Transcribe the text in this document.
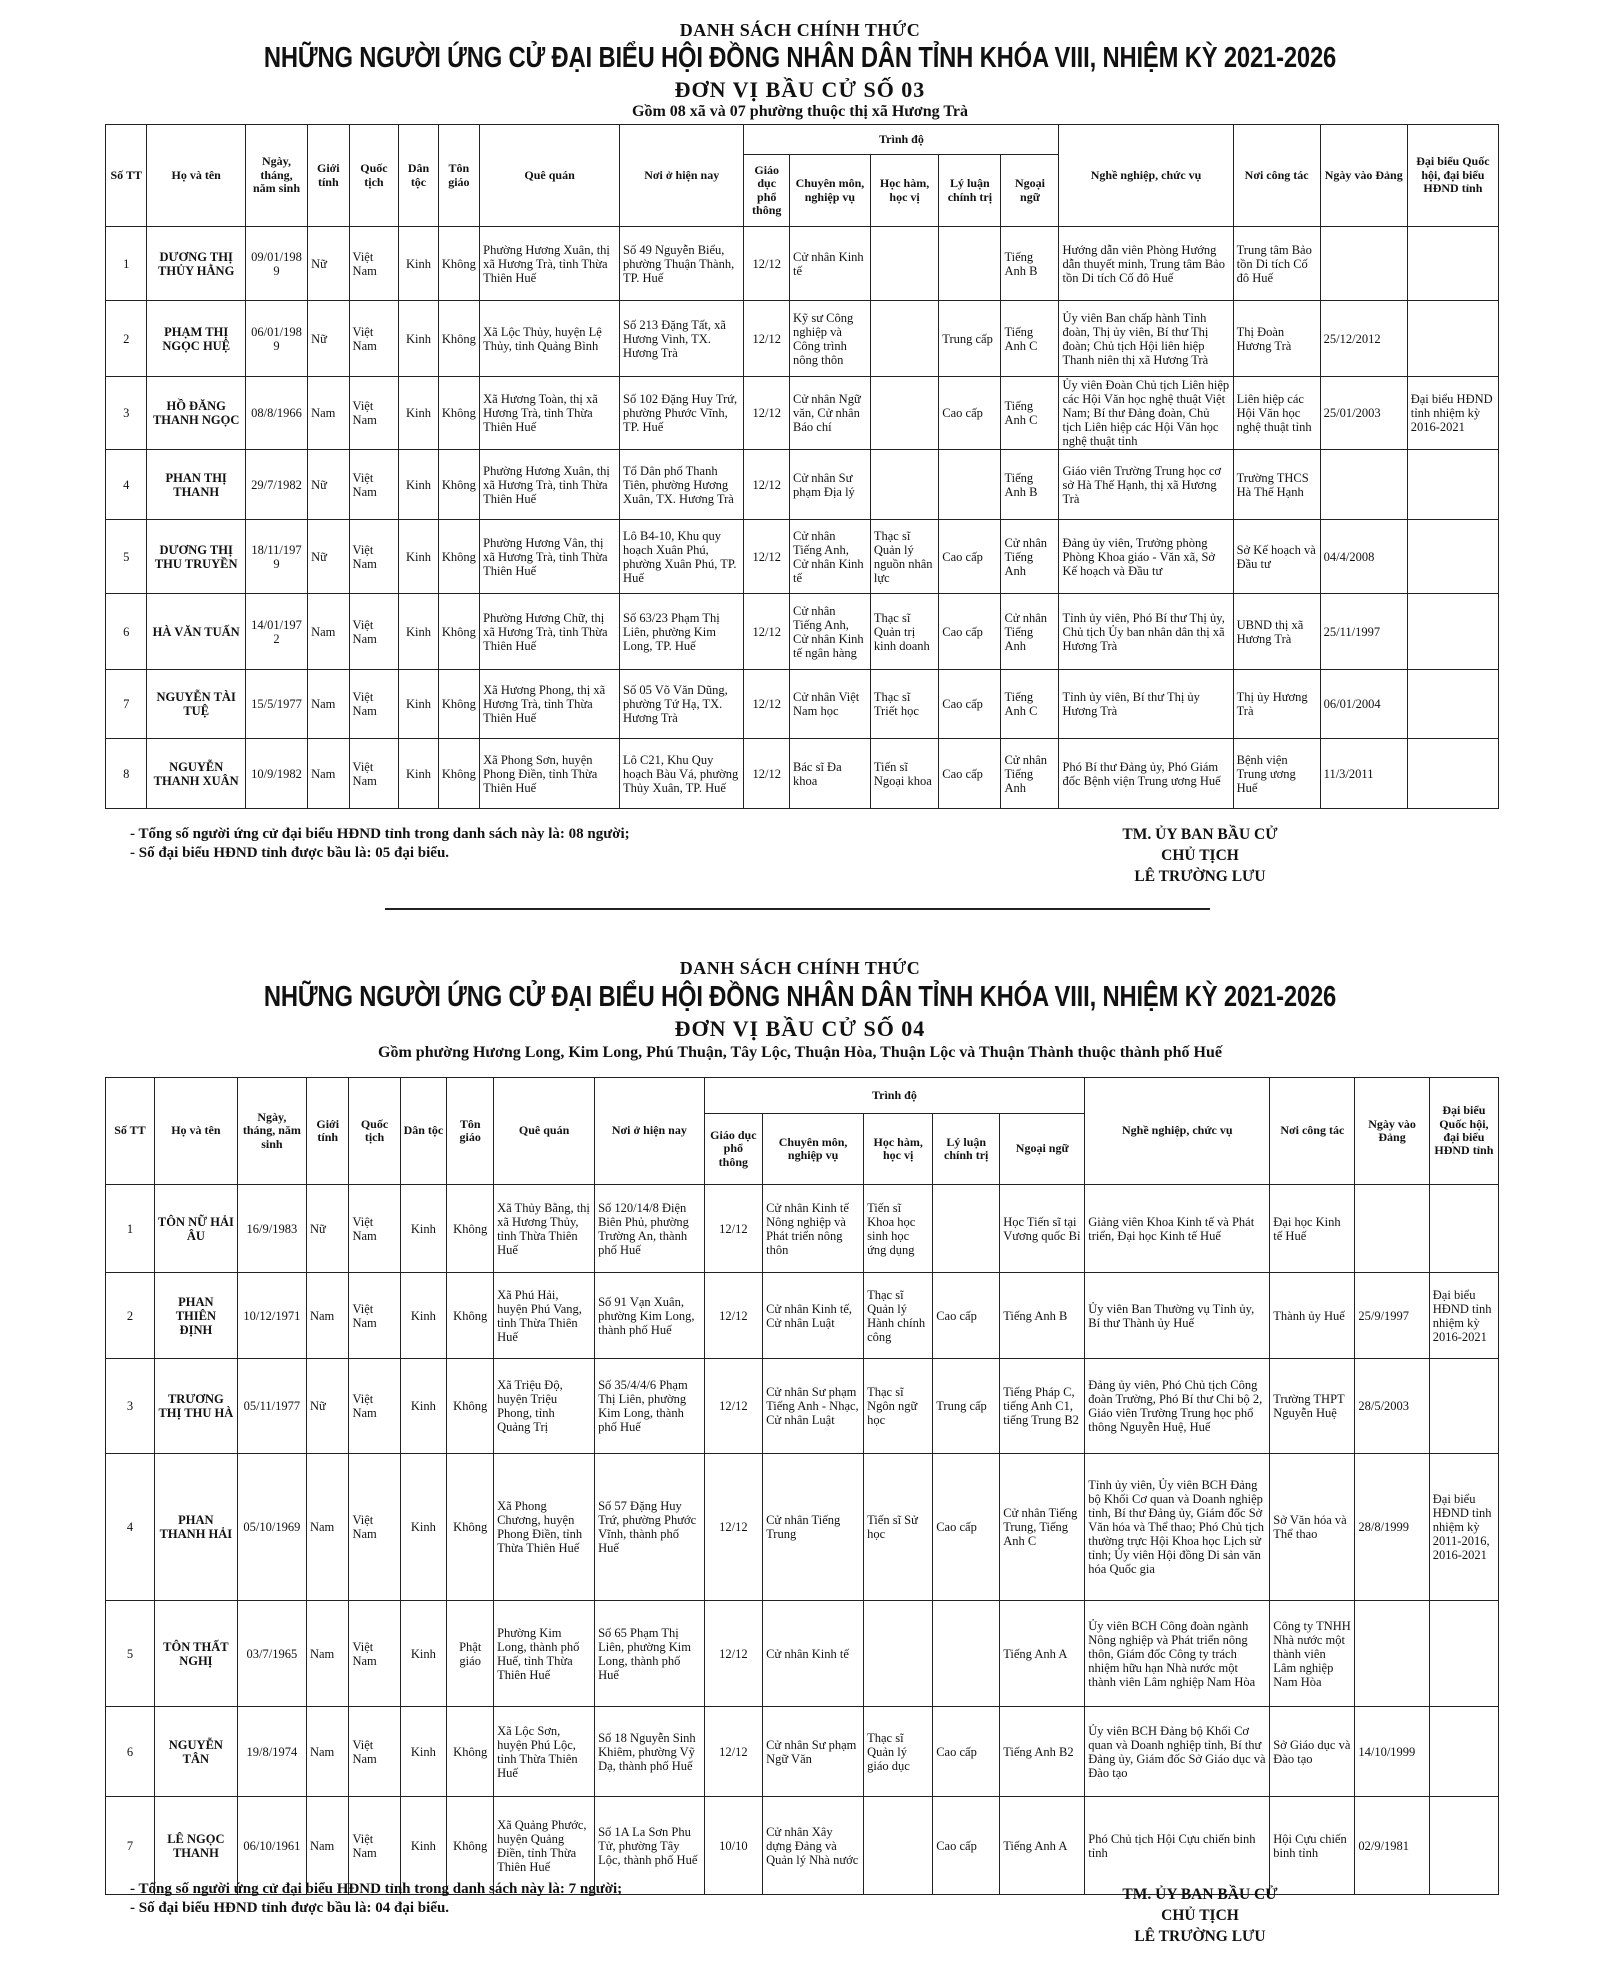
DANH SÁCH CHÍNH THỨC
NHỮNG NGƯỜI ỨNG CỬ ĐẠI BIỂU HỘI ĐỒNG NHÂN DÂN TỈNH KHÓA VIII, NHIỆM KỲ 2021-2026
ĐƠN VỊ BẦU CỬ SỐ 03
Gồm 08 xã và 07 phường thuộc thị xã Hương Trà
Số TT	Họ và tên	Ngày, tháng, năm sinh	Giới tính	Quốc tịch	Dân tộc	Tôn giáo	Quê quán	Nơi ở hiện nay	Trình độ					Nghề nghiệp, chức vụ	Nơi công tác	Ngày vào Đảng	Đại biểu Quốc hội, đại biểu HĐND tỉnh
									Giáo dục phổ thông	Chuyên môn, nghiệp vụ	Học hàm, học vị	Lý luận chính trị	Ngoại ngữ				
1	DƯƠNG THỊ THỦY HẰNG	09/01/1989	Nữ	Việt Nam	Kinh	Không	Phường Hương Xuân, thị xã Hương Trà, tỉnh Thừa Thiên Huế	Số 49 Nguyễn Biểu, phường Thuận Thành, TP. Huế	12/12	Cử nhân Kinh tế			Tiếng Anh B	Hướng dẫn viên Phòng Hướng dẫn thuyết minh, Trung tâm Bảo tồn Di tích Cố đô Huế	Trung tâm Bảo tồn Di tích Cố đô Huế		
2	PHẠM THỊ NGỌC HUỆ	06/01/1989	Nữ	Việt Nam	Kinh	Không	Xã Lộc Thủy, huyện Lệ Thủy, tỉnh Quảng Bình	Số 213 Đặng Tất, xã Hương Vinh, TX. Hương Trà	12/12	Kỹ sư Công nghiệp và Công trình nông thôn		Trung cấp	Tiếng Anh C	Ủy viên Ban chấp hành Tỉnh đoàn, Thị ủy viên, Bí thư Thị đoàn; Chủ tịch Hội liên hiệp Thanh niên thị xã Hương Trà	Thị Đoàn Hương Trà	25/12/2012	
3	HỒ ĐĂNG THANH NGỌC	08/8/1966	Nam	Việt Nam	Kinh	Không	Xã Hương Toàn, thị xã Hương Trà, tỉnh Thừa Thiên Huế	Số 102 Đặng Huy Trứ, phường Phước Vĩnh, TP. Huế	12/12	Cử nhân Ngữ văn, Cử nhân Báo chí		Cao cấp	Tiếng Anh C	Ủy viên Đoàn Chủ tịch Liên hiệp các Hội Văn học nghệ thuật Việt Nam; Bí thư Đảng đoàn, Chủ tịch Liên hiệp các Hội Văn học nghệ thuật tỉnh	Liên hiệp các Hội Văn học nghệ thuật tỉnh	25/01/2003	Đại biểu HĐND tỉnh nhiệm kỳ 2016-2021
4	PHAN THỊ THANH	29/7/1982	Nữ	Việt Nam	Kinh	Không	Phường Hương Xuân, thị xã Hương Trà, tỉnh Thừa Thiên Huế	Tổ Dân phố Thanh Tiên, phường Hương Xuân, TX. Hương Trà	12/12	Cử nhân Sư phạm Địa lý			Tiếng Anh B	Giáo viên Trường Trung học cơ sở Hà Thế Hạnh, thị xã Hương Trà	Trường THCS Hà Thế Hạnh		
5	DƯƠNG THỊ THU TRUYỀN	18/11/1979	Nữ	Việt Nam	Kinh	Không	Phường Hương Vân, thị xã Hương Trà, tỉnh Thừa Thiên Huế	Lô B4-10, Khu quy hoạch Xuân Phú, phường Xuân Phú, TP. Huế	12/12	Cử nhân Tiếng Anh, Cử nhân Kinh tế	Thạc sĩ Quản lý nguồn nhân lực	Cao cấp	Cử nhân Tiếng Anh	Đảng ủy viên, Trưởng phòng Phòng Khoa giáo - Văn xã, Sở Kế hoạch và Đầu tư	Sở Kế hoạch và Đầu tư	04/4/2008	
6	HÀ VĂN TUẤN	14/01/1972	Nam	Việt Nam	Kinh	Không	Phường Hương Chữ, thị xã Hương Trà, tỉnh Thừa Thiên Huế	Số 63/23 Phạm Thị Liên, phường Kim Long, TP. Huế	12/12	Cử nhân Tiếng Anh, Cử nhân Kinh tế ngân hàng	Thạc sĩ Quản trị kinh doanh	Cao cấp	Cử nhân Tiếng Anh	Tỉnh ủy viên, Phó Bí thư Thị ủy, Chủ tịch Ủy ban nhân dân thị xã Hương Trà	UBND thị xã Hương Trà	25/11/1997	
7	NGUYỄN TÀI TUỆ	15/5/1977	Nam	Việt Nam	Kinh	Không	Xã Hương Phong, thị xã Hương Trà, tỉnh Thừa Thiên Huế	Số 05 Võ Văn Dũng, phường Tứ Hạ, TX. Hương Trà	12/12	Cử nhân Việt Nam học	Thạc sĩ Triết học	Cao cấp	Tiếng Anh C	Tỉnh ủy viên, Bí thư Thị ủy Hương Trà	Thị ủy Hương Trà	06/01/2004	
8	NGUYỄN THANH XUÂN	10/9/1982	Nam	Việt Nam	Kinh	Không	Xã Phong Sơn, huyện Phong Điền, tỉnh Thừa Thiên Huế	Lô C21, Khu Quy hoạch Bàu Vá, phường Thủy Xuân, TP. Huế	12/12	Bác sĩ Đa khoa	Tiến sĩ Ngoại khoa	Cao cấp	Cử nhân Tiếng Anh	Phó Bí thư Đảng ủy, Phó Giám đốc Bệnh viện Trung ương Huế	Bệnh viện Trung ương Huế	11/3/2011	
- Tổng số người ứng cử đại biểu HĐND tỉnh trong danh sách này là: 08 người;
- Số đại biểu HĐND tỉnh được bầu là: 05 đại biểu.
TM. ỦY BAN BẦU CỬ
CHỦ TỊCH
LÊ TRƯỜNG LƯU
DANH SÁCH CHÍNH THỨC
NHỮNG NGƯỜI ỨNG CỬ ĐẠI BIỂU HỘI ĐỒNG NHÂN DÂN TỈNH KHÓA VIII, NHIỆM KỲ 2021-2026
ĐƠN VỊ BẦU CỬ SỐ 04
Gồm phường Hương Long, Kim Long, Phú Thuận, Tây Lộc, Thuận Hòa, Thuận Lộc và Thuận Thành thuộc thành phố Huế
Số TT	Họ và tên	Ngày, tháng, năm sinh	Giới tính	Quốc tịch	Dân tộc	Tôn giáo	Quê quán	Nơi ở hiện nay	Trình độ					Nghề nghiệp, chức vụ	Nơi công tác	Ngày vào Đảng	Đại biểu Quốc hội, đại biểu HĐND tỉnh
									Giáo dục phổ thông	Chuyên môn, nghiệp vụ	Học hàm, học vị	Lý luận chính trị	Ngoại ngữ				
1	TÔN NỮ HẢI ÂU	16/9/1983	Nữ	Việt Nam	Kinh	Không	Xã Thủy Bằng, thị xã Hương Thủy, tỉnh Thừa Thiên Huế	Số 120/14/8 Điện Biên Phủ, phường Trường An, thành phố Huế	12/12	Cử nhân Kinh tế Nông nghiệp và Phát triển nông thôn	Tiến sĩ Khoa học sinh học ứng dụng		Học Tiến sĩ tại Vương quốc Bỉ	Giảng viên Khoa Kinh tế và Phát triển, Đại học Kinh tế Huế	Đại học Kinh tế Huế		
2	PHAN THIÊN ĐỊNH	10/12/1971	Nam	Việt Nam	Kinh	Không	Xã Phú Hải, huyện Phú Vang, tỉnh Thừa Thiên Huế	Số 91 Vạn Xuân, phường Kim Long, thành phố Huế	12/12	Cử nhân Kinh tế, Cử nhân Luật	Thạc sĩ Quản lý Hành chính công	Cao cấp	Tiếng Anh B	Ủy viên Ban Thường vụ Tỉnh ủy, Bí thư Thành ủy Huế	Thành ủy Huế	25/9/1997	Đại biểu HĐND tỉnh nhiệm kỳ 2016-2021
3	TRƯƠNG THỊ THU HÀ	05/11/1977	Nữ	Việt Nam	Kinh	Không	Xã Triệu Độ, huyện Triệu Phong, tỉnh Quảng Trị	Số 35/4/4/6 Phạm Thị Liên, phường Kim Long, thành phố Huế	12/12	Cử nhân Sư phạm Tiếng Anh - Nhạc, Cử nhân Luật	Thạc sĩ Ngôn ngữ học	Trung cấp	Tiếng Pháp C, tiếng Anh C1, tiếng Trung B2	Đảng ủy viên, Phó Chủ tịch Công đoàn Trường, Phó Bí thư Chi bộ 2, Giáo viên Trường Trung học phổ thông Nguyễn Huệ, Huế	Trường THPT Nguyễn Huệ	28/5/2003	
4	PHAN THANH HẢI	05/10/1969	Nam	Việt Nam	Kinh	Không	Xã Phong Chương, huyện Phong Điền, tỉnh Thừa Thiên Huế	Số 57 Đặng Huy Trứ, phường Phước Vĩnh, thành phố Huế	12/12	Cử nhân Tiếng Trung	Tiến sĩ Sử học	Cao cấp	Cử nhân Tiếng Trung, Tiếng Anh C	Tỉnh ủy viên, Ủy viên BCH Đảng bộ Khối Cơ quan và Doanh nghiệp tỉnh, Bí thư Đảng ủy, Giám đốc Sở Văn hóa và Thể thao; Phó Chủ tịch thường trực Hội Khoa học Lịch sử tỉnh; Ủy viên Hội đồng Di sản văn hóa Quốc gia	Sở Văn hóa và Thể thao	28/8/1999	Đại biểu HĐND tỉnh nhiệm kỳ 2011-2016, 2016-2021
5	TÔN THẤT NGHỊ	03/7/1965	Nam	Việt Nam	Kinh	Phật giáo	Phường Kim Long, thành phố Huế, tỉnh Thừa Thiên Huế	Số 65 Phạm Thị Liên, phường Kim Long, thành phố Huế	12/12	Cử nhân Kinh tế			Tiếng Anh A	Ủy viên BCH Công đoàn ngành Nông nghiệp và Phát triển nông thôn, Giám đốc Công ty trách nhiệm hữu hạn Nhà nước một thành viên Lâm nghiệp Nam Hòa	Công ty TNHH Nhà nước một thành viên Lâm nghiệp Nam Hòa		
6	NGUYỄN TÂN	19/8/1974	Nam	Việt Nam	Kinh	Không	Xã Lộc Sơn, huyện Phú Lộc, tỉnh Thừa Thiên Huế	Số 18 Nguyễn Sinh Khiêm, phường Vỹ Dạ, thành phố Huế	12/12	Cử nhân Sư phạm Ngữ Văn	Thạc sĩ Quản lý giáo dục	Cao cấp	Tiếng Anh B2	Ủy viên BCH Đảng bộ Khối Cơ quan và Doanh nghiệp tỉnh, Bí thư Đảng ủy, Giám đốc Sở Giáo dục và Đào tạo	Sở Giáo dục và Đào tạo	14/10/1999	
7	LÊ NGỌC THANH	06/10/1961	Nam	Việt Nam	Kinh	Không	Xã Quảng Phước, huyện Quảng Điền, tỉnh Thừa Thiên Huế	Số 1A La Sơn Phu Tử, phường Tây Lộc, thành phố Huế	10/10	Cử nhân Xây dựng Đảng và Quản lý Nhà nước		Cao cấp	Tiếng Anh A	Phó Chủ tịch Hội Cựu chiến binh tỉnh	Hội Cựu chiến binh tỉnh	02/9/1981	
- Tổng số người ứng cử đại biểu HĐND tỉnh trong danh sách này là: 7 người;
- Số đại biểu HĐND tỉnh được bầu là: 04 đại biểu.
TM. ỦY BAN BẦU CỬ
CHỦ TỊCH
LÊ TRƯỜNG LƯU
